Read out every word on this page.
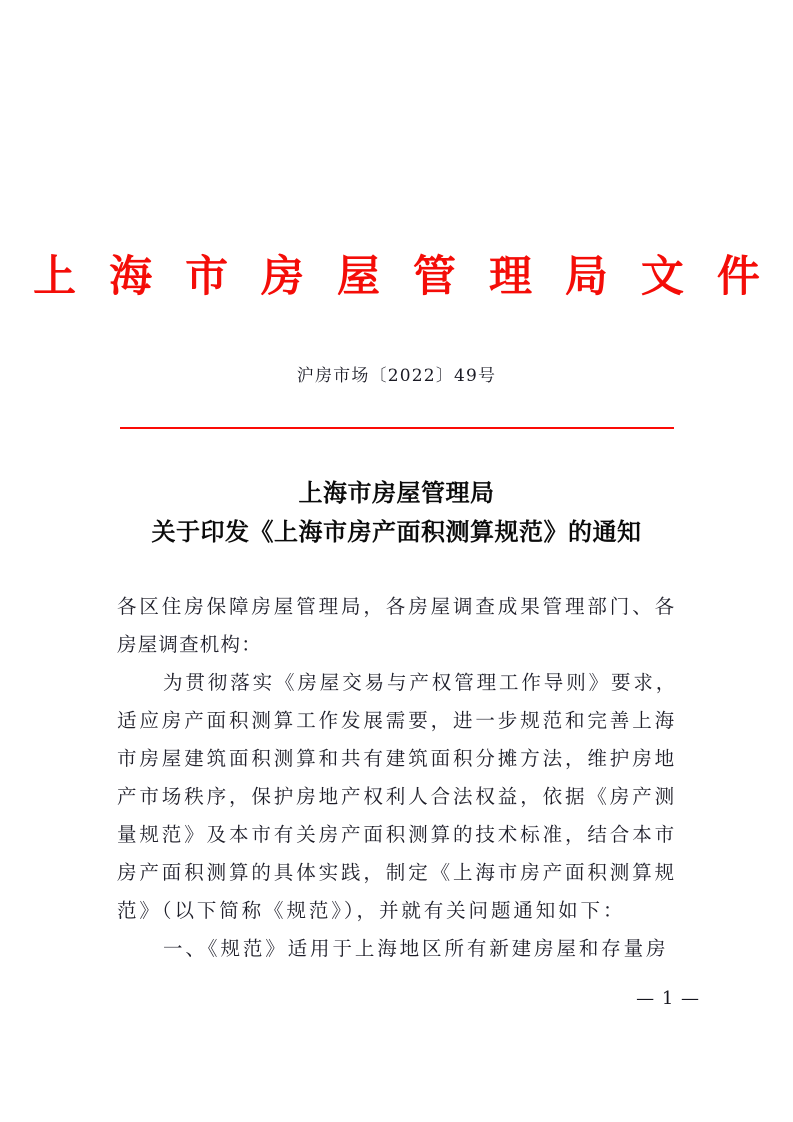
上 海 市 房 屋 管 理 局 文 件
沪房市场〔2022〕49号
上海市房屋管理局
关于印发《上海市房产面积测算规范》的通知
各区住房保障房屋管理局，各房屋调查成果管理部门、各
房屋调查机构：
为贯彻落实《房屋交易与产权管理工作导则》要求，
适应房产面积测算工作发展需要，进一步规范和完善上海
市房屋建筑面积测算和共有建筑面积分摊方法，维护房地
产市场秩序，保护房地产权利人合法权益，依据《房产测
量规范》及本市有关房产面积测算的技术标准，结合本市
房产面积测算的具体实践，制定《上海市房产面积测算规
范》（以下简称《规范》），并就有关问题通知如下：
一、《规范》适用于上海地区所有新建房屋和存量房
— 1 —
